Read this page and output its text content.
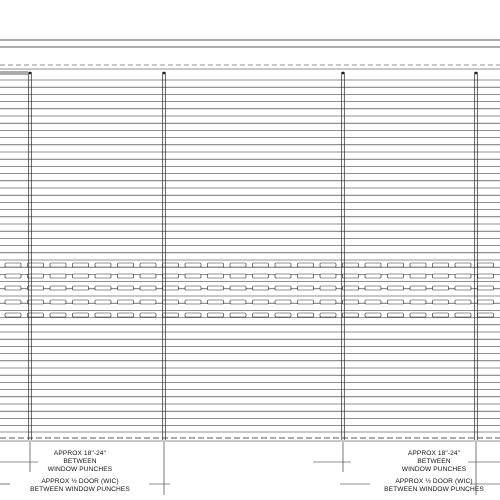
APPROX 18"-24"
BETWEEN
WINDOW PUNCHES
APPROX ½ DOOR (WIC)
BETWEEN WINDOW PUNCHES
APPROX 18"-24"
BETWEEN
WINDOW PUNCHES
APPROX ½ DOOR (WIC)
BETWEEN WINDOW PUNCHES
